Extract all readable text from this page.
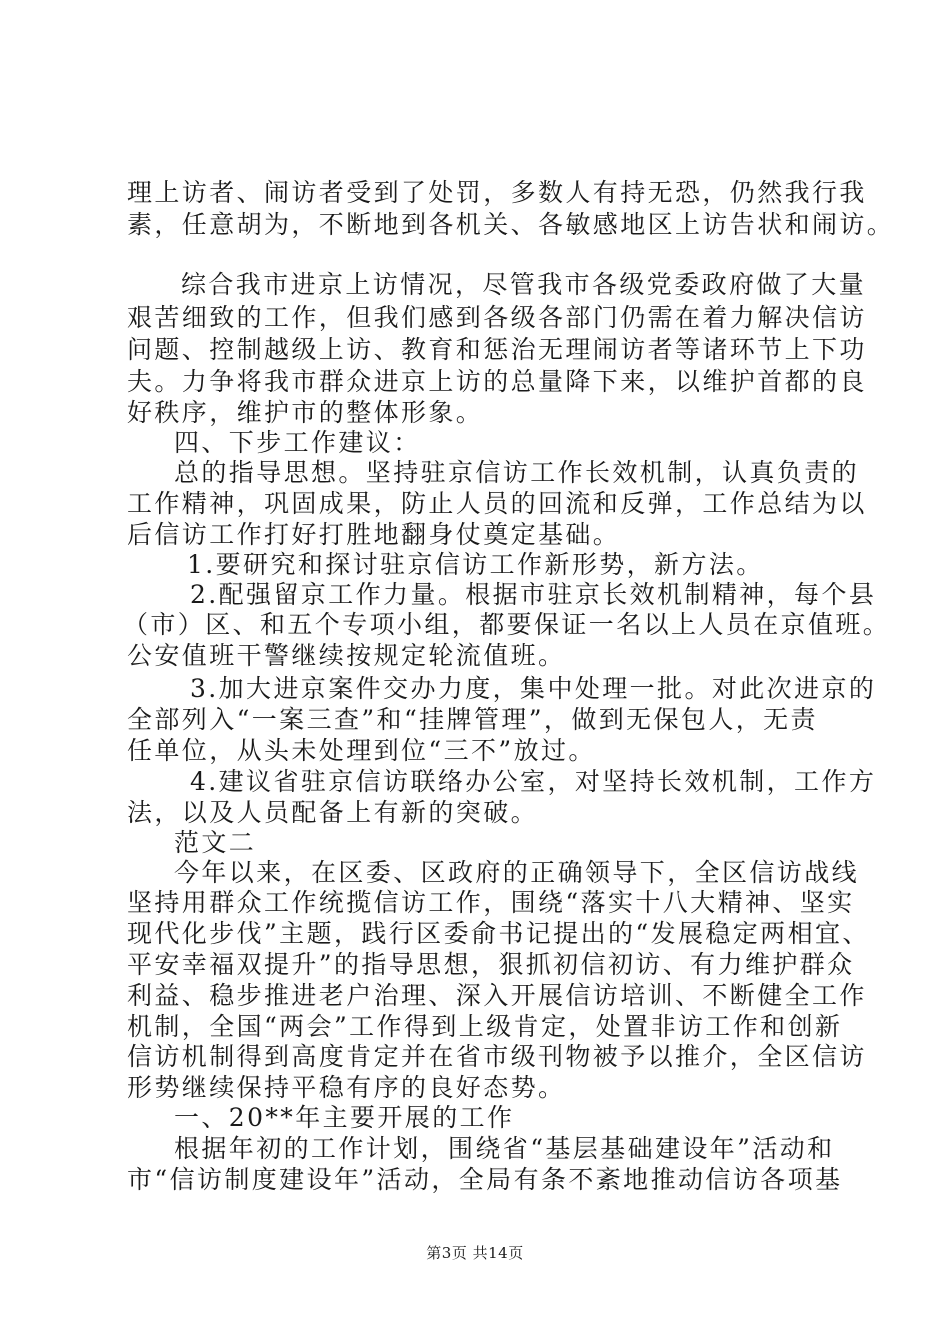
理上访者、闹访者受到了处罚，多数人有持无恐，仍然我行我
素，任意胡为，不断地到各机关、各敏感地区上访告状和闹访。
综合我市进京上访情况，尽管我市各级党委政府做了大量
艰苦细致的工作，但我们感到各级各部门仍需在着力解决信访
问题、控制越级上访、教育和惩治无理闹访者等诸环节上下功
夫。力争将我市群众进京上访的总量降下来，以维护首都的良
好秩序，维护市的整体形象。
四、下步工作建议：
总的指导思想。坚持驻京信访工作长效机制，认真负责的
工作精神，巩固成果，防止人员的回流和反弹，工作总结为以
后信访工作打好打胜地翻身仗奠定基础。
1.要研究和探讨驻京信访工作新形势，新方法。
2.配强留京工作力量。根据市驻京长效机制精神，每个县
（市）区、和五个专项小组，都要保证一名以上人员在京值班。
公安值班干警继续按规定轮流值班。
3.加大进京案件交办力度，集中处理一批。对此次进京的
全部列入“一案三查”和“挂牌管理”，做到无保包人，无责
任单位，从头未处理到位“三不”放过。
4.建议省驻京信访联络办公室，对坚持长效机制，工作方
法，以及人员配备上有新的突破。
范文二
今年以来，在区委、区政府的正确领导下，全区信访战线
坚持用群众工作统揽信访工作，围绕“落实十八大精神、坚实
现代化步伐”主题，践行区委俞书记提出的“发展稳定两相宜、
平安幸福双提升”的指导思想，狠抓初信初访、有力维护群众
利益、稳步推进老户治理、深入开展信访培训、不断健全工作
机制，全国“两会”工作得到上级肯定，处置非访工作和创新
信访机制得到高度肯定并在省市级刊物被予以推介，全区信访
形势继续保持平稳有序的良好态势。
一、20**年主要开展的工作
根据年初的工作计划，围绕省“基层基础建设年”活动和
市“信访制度建设年”活动，全局有条不紊地推动信访各项基
第3页 共14页
